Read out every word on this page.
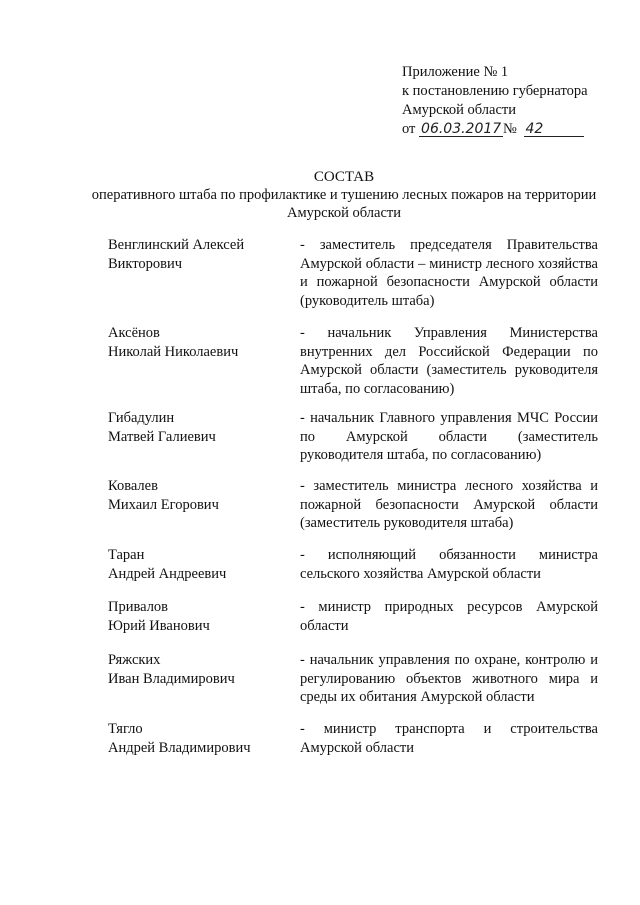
Приложение № 1
к постановлению губернатора
Амурской области
от 06.03.2017 № 42
СОСТАВ
оперативного штаба по профилактике и тушению лесных пожаров на территории Амурской области
Венглинский Алексей
Викторович
- заместитель председателя Правительства Амурской области – министр лесного хозяйства и пожарной безопасности Амурской области (руководитель штаба)
Аксёнов
Николай Николаевич
- начальник Управления Министерства внутренних дел Российской Федерации по Амурской области (заместитель руководителя штаба, по согласованию)
Гибадулин
Матвей Галиевич
- начальник Главного управления МЧС России по Амурской области (заместитель руководителя штаба, по согласованию)
Ковалев
Михаил Егорович
- заместитель министра лесного хозяйства и пожарной безопасности Амурской области (заместитель руководителя штаба)
Таран
Андрей Андреевич
- исполняющий обязанности министра сельского хозяйства Амурской области
Привалов
Юрий Иванович
- министр природных ресурсов Амурской области
Ряжских
Иван Владимирович
- начальник управления по охране, контролю и регулированию объектов животного мира и среды их обитания Амурской области
Тягло
Андрей Владимирович
- министр транспорта и строительства Амурской области
